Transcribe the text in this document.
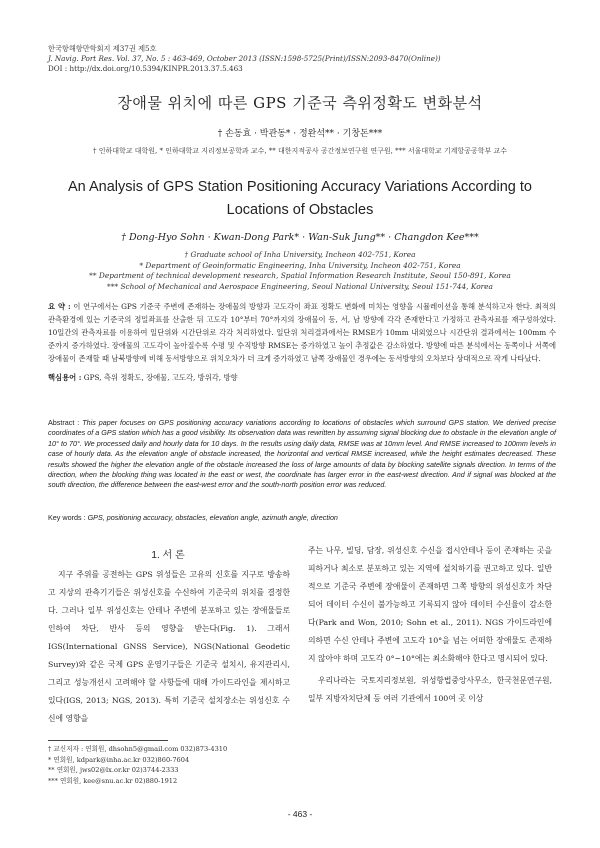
한국항해항만학회지 제37권 제5호
J. Navig. Port Res. Vol. 37, No. 5 : 463-469, October 2013 (ISSN:1598-5725(Print)/ISSN:2093-8470(Online))
DOI : http://dx.doi.org/10.5394/KINPR.2013.37.5.463
장애물 위치에 따른 GPS 기준국 측위정확도 변화분석
† 손동효 · 박관동* · 정완석** · 기창돈***
† 인하대학교 대학원, * 인하대학교 지리정보공학과 교수, ** 대한지적공사 공간정보연구원 연구원, *** 서울대학교 기계항공공학부 교수
An Analysis of GPS Station Positioning Accuracy Variations According to Locations of Obstacles
† Dong-Hyo Sohn · Kwan-Dong Park* · Wan-Suk Jung** · Changdon Kee***
† Graduate school of Inha University, Incheon 402-751, Korea
* Department of Geoinformatic Engineering, Inha University, Incheon 402-751, Korea
** Department of technical development research, Spatial Information Research Institute, Seoul 150-891, Korea
*** School of Mechanical and Aerospace Engineering, Seoul National University, Seoul 151-744, Korea
요 약 : 이 연구에서는 GPS 기준국 주변에 존재하는 장애물의 방향과 고도각이 좌표 정확도 변화에 미치는 영향을 시뮬레이션을 통해 분석하고자 한다. 최적의 관측환경에 있는 기준국의 정밀좌표를 산출한 뒤 고도각 10°부터 70°까지의 장애물이 동, 서, 남 방향에 각각 존재한다고 가정하고 관측자료를 재구성하였다. 10일간의 관측자료를 이용하여 일단위와 시간단위로 각각 처리하였다. 일단위 처리결과에서는 RMSE가 10mm 내외였으나 시간단위 결과에서는 100mm 수준까지 증가하였다. 장애물의 고도각이 높아질수록 수평 및 수직방향 RMSE는 증가하였고 높이 추정값은 감소하였다. 방향에 따른 분석에서는 동쪽이나 서쪽에 장애물이 존재할 때 남북방향에 비해 동서방향으로 위치오차가 더 크게 증가하였고 남쪽 장애물인 경우에는 동서방향의 오차보다 상대적으로 작게 나타났다.
핵심용어 : GPS, 측위 정확도, 장애물, 고도각, 방위각, 방향
Abstract : This paper focuses on GPS positioning accuracy variations according to locations of obstacles which surround GPS station. We derived precise coordinates of a GPS station which has a good visibility. Its observation data was rewritten by assuming signal blocking due to obstacle in the elevation angle of 10° to 70°. We processed daily and hourly data for 10 days. In the results using daily data, RMSE was at 10mm level. And RMSE increased to 100mm levels in case of hourly data. As the elevation angle of obstacle increased, the horizontal and vertical RMSE increased, while the height estimates decreased. These results showed the higher the elevation angle of the obstacle increased the loss of large amounts of data by blocking satellite signals direction. In terms of the direction, when the blocking thing was located in the east or west, the coordinate has larger error in the east-west direction. And if signal was blocked at the south direction, the difference between the east-west error and the south-north position error was reduced.
Key words : GPS, positioning accuracy, obstacles, elevation angle, azimuth angle, direction
1. 서 론
지구 주위를 공전하는 GPS 위성들은 고유의 신호를 지구로 방송하고 지상의 관측기기들은 위성신호를 수신하여 기준국의 위치를 결정한다. 그러나 일부 위성신호는 안테나 주변에 분포하고 있는 장애물들로 인하여 차단, 반사 등의 영향을 받는다(Fig. 1). 그래서 IGS(International GNSS Service), NGS(National Geodetic Survey)와 같은 국제 GPS 운영기구들은 기준국 설치시, 유지관리시, 그리고 성능개선시 고려해야 할 사항들에 대해 가이드라인을 제시하고 있다(IGS, 2013; NGS, 2013). 특히 기준국 설치장소는 위성신호 수신에 영향을

주는 나무, 빌딩, 담장, 위성신호 수신을 접시안테나 등이 존재하는 곳을 피하거나 최소로 분포하고 있는 지역에 설치하기를 권고하고 있다. 일반적으로 기준국 주변에 장애물이 존재하면 그쪽 방향의 위성신호가 차단되어 데이터 수신이 불가능하고 기록되지 않아 데이터 수신율이 감소한다(Park and Won, 2010; Sohn et al., 2011). NGS 가이드라인에 의하면 수신 안테나 주변에 고도각 10°을 넘는 어떠한 장애물도 존재하지 않아야 하며 고도각 0°~10°에는 최소화해야 한다고 명시되어 있다.

우리나라는 국토지리정보원, 위성항법중앙사무소, 한국천문연구원, 일부 지방자치단체 등 여러 기관에서 100여 곳 이상

† 교신저자 : 연회원, dhsohn5@gmail.com 032)873-4310
* 연회원, kdpark@inha.ac.kr 032)860-7604
** 연회원, jws02@lx.or.kr 02)3744-2333
*** 연회원, kee@snu.ac.kr 02)880-1912
- 463 -
